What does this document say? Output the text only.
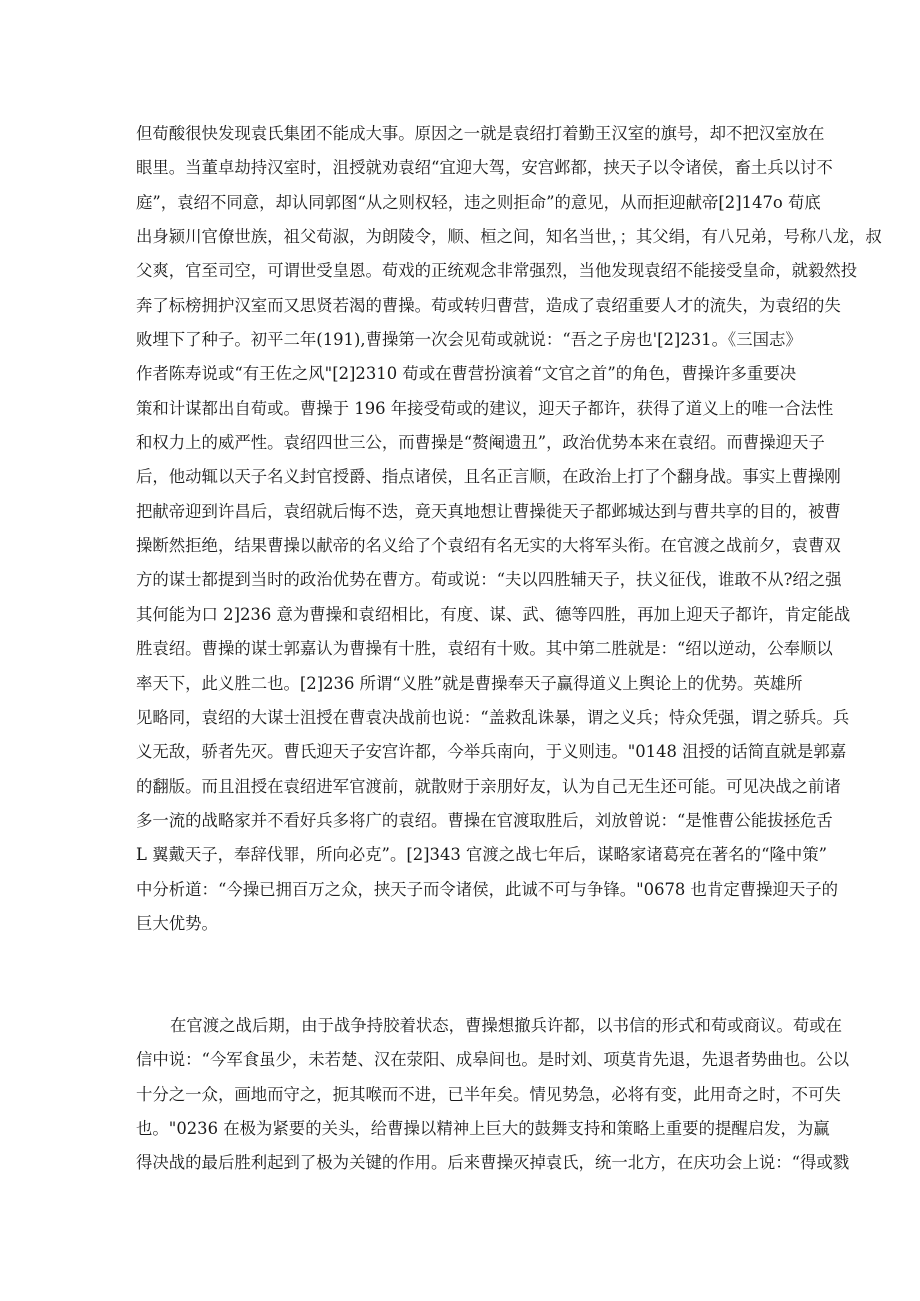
但荀酸很快发现袁氏集团不能成大事。原因之一就是袁绍打着勤王汉室的旗号，却不把汉室放在
眼里。当董卓劫持汉室时，沮授就劝袁绍“宜迎大驾，安宫邺都，挟天子以令诸侯，畜土兵以讨不
庭”，袁绍不同意，却认同郭图“从之则权轻，违之则拒命”的意见，从而拒迎献帝[2]147o 荀底
出身颍川官僚世族，祖父荀淑，为朗陵令，顺、桓之间，知名当世，；其父绢，有八兄弟，号称八龙，叔
父爽，官至司空，可谓世受皇恩。荀戏的正统观念非常强烈，当他发现袁绍不能接受皇命，就毅然投
奔了标榜拥护汉室而又思贤若渴的曹操。荀或转归曹营，造成了袁绍重要人才的流失，为袁绍的失
败埋下了种子。初平二年(191),曹操第一次会见荀或就说：“吾之子房也'[2]231。《三国志》
作者陈寿说或“有王佐之风"[2]2310 荀或在曹营扮演着“文官之首”的角色，曹操许多重要决
策和计谋都出自荀或。曹操于 196 年接受荀或的建议，迎天子都许，获得了道义上的唯一合法性
和权力上的威严性。袁绍四世三公，而曹操是“赘阉遗丑”，政治优势本来在袁绍。而曹操迎天子
后，他动辄以天子名义封官授爵、指点诸侯，且名正言顺，在政治上打了个翻身战。事实上曹操刚
把献帝迎到许昌后，袁绍就后悔不迭，竟天真地想让曹操徙天子都邺城达到与曹共享的目的，被曹
操断然拒绝，结果曹操以献帝的名义给了个袁绍有名无实的大将军头衔。在官渡之战前夕，袁曹双
方的谋士都提到当时的政治优势在曹方。荀或说：“夫以四胜辅天子，扶义征伐，谁敢不从?绍之强
其何能为口 2]236 意为曹操和袁绍相比，有度、谋、武、德等四胜，再加上迎天子都许，肯定能战
胜袁绍。曹操的谋士郭嘉认为曹操有十胜，袁绍有十败。其中第二胜就是：“绍以逆动，公奉顺以
率天下，此义胜二也。[2]236 所谓“义胜”就是曹操奉天子赢得道义上舆论上的优势。英雄所
见略同，袁绍的大谋士沮授在曹袁决战前也说：“盖救乱诛暴，谓之义兵；恃众凭强，谓之骄兵。兵
义无敌，骄者先灭。曹氏迎天子安宫许都，今举兵南向，于义则违。"0148 沮授的话简直就是郭嘉
的翻版。而且沮授在袁绍进军官渡前，就散财于亲朋好友，认为自己无生还可能。可见决战之前诸
多一流的战略家并不看好兵多将广的袁绍。曹操在官渡取胜后，刘放曾说：“是惟曹公能拔拯危舌
L 翼戴天子，奉辞伐罪，所向必克”。[2]343 官渡之战七年后，谋略家诸葛亮在著名的“隆中策”
中分析道：“今操已拥百万之众，挟天子而令诸侯，此诚不可与争锋。"0678 也肯定曹操迎天子的
巨大优势。
在官渡之战后期，由于战争持胶着状态，曹操想撤兵许都，以书信的形式和荀或商议。荀或在
信中说：“今军食虽少，未若楚、汉在荥阳、成皋间也。是时刘、项莫肯先退，先退者势曲也。公以
十分之一众，画地而守之，扼其喉而不进，已半年矣。情见势急，必将有变，此用奇之时，不可失
也。"0236 在极为紧要的关头，给曹操以精神上巨大的鼓舞支持和策略上重要的提醒启发，为赢
得决战的最后胜利起到了极为关键的作用。后来曹操灭掉袁氏，统一北方，在庆功会上说：“得或戮
